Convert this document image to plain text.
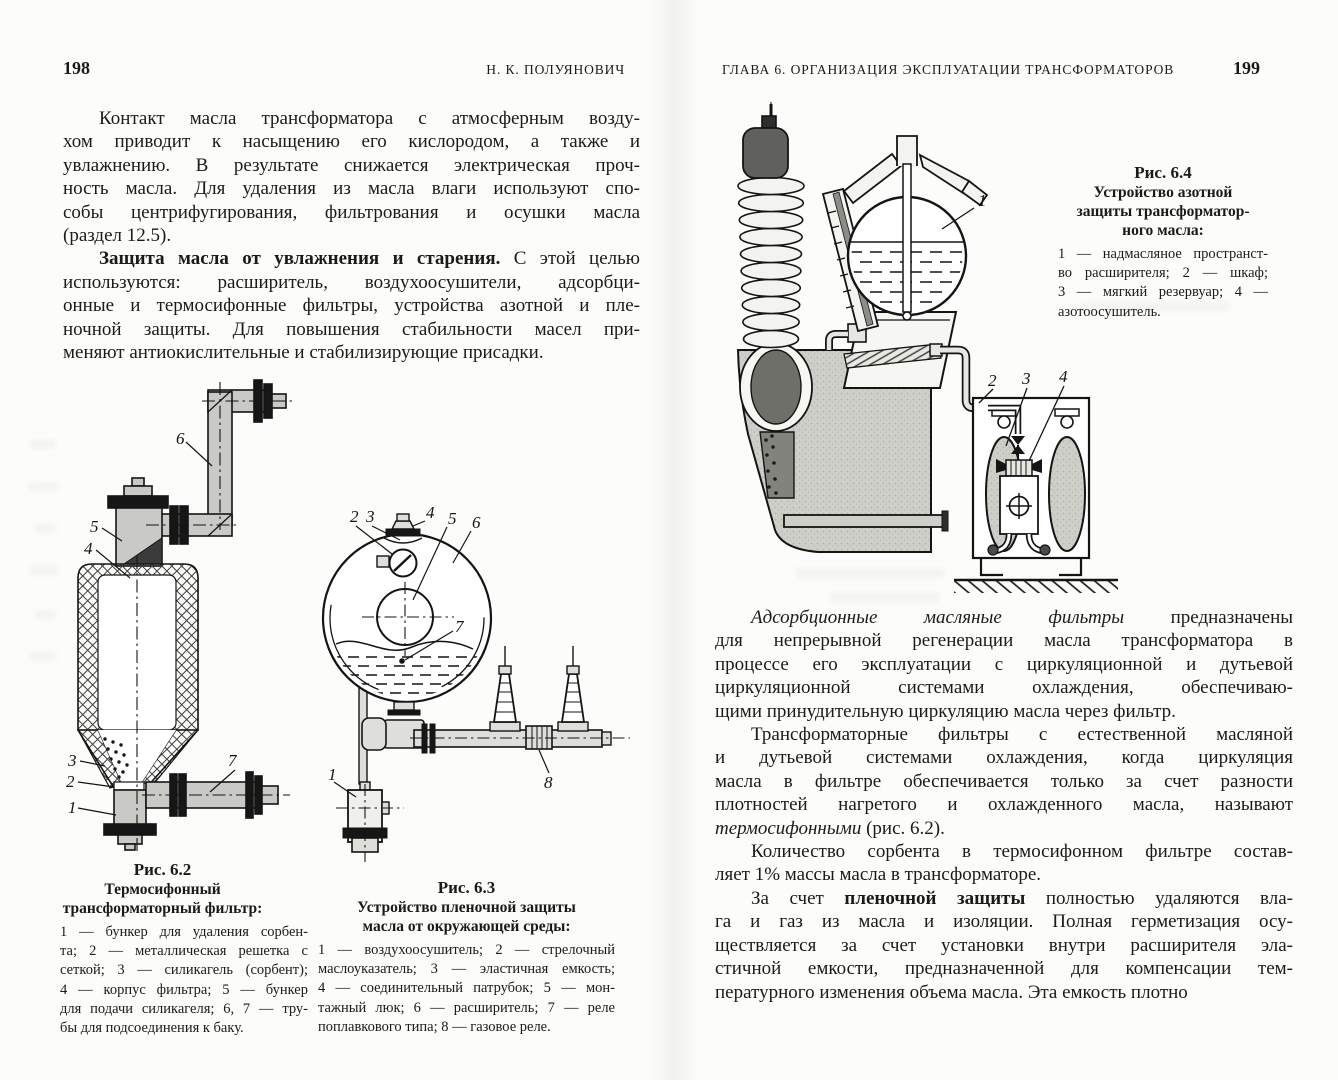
198	Н. К. ПОЛУЯНОВИЧ
Контакт масла трансформатора с атмосферным возду-
хом приводит к насыщению его кислородом, а также и
увлажнению. В результате снижается электрическая проч-
ность масла. Для удаления из масла влаги используют спо-
собы центрифугирования, фильтрования и осушки масла
(раздел 12.5).
Защита масла от увлажнения и старения. С этой целью
используются: расширитель, воздухоосушители, адсорбци-
онные и термосифонные фильтры, устройства азотной и пле-
ночной защиты. Для повышения стабильности масел при-
меняют антиокислительные и стабилизирующие присадки.
6
5
4
3
2
1
7
Рис. 6.2
Термосифонный
трансформаторный фильтр:
1 — бункер для удаления сорбен-
та; 2 — металлическая решетка с
сеткой; 3 — силикагель (сорбент);
4 — корпус фильтра; 5 — бункер
для подачи силикагеля; 6, 7 — тру-
бы для подсоединения к баку.
2 3	4 5 6
7
1	8
Рис. 6.3
Устройство пленочной защиты
масла от окружающей среды:
1 — воздухоосушитель; 2 — стрелочный
маслоуказатель; 3 — эластичная емкость;
4 — соединительный патрубок; 5 — мон-
тажный люк; 6 — расширитель; 7 — реле
поплавкового типа; 8 — газовое реле.
ГЛАВА 6. ОРГАНИЗАЦИЯ ЭКСПЛУАТАЦИИ ТРАНСФОРМАТОРОВ	199
1
2 3 4
Рис. 6.4
Устройство азотной
защиты трансформатор-
ного масла:
1 — надмасляное пространст-
во расширителя; 2 — шкаф;
3 — мягкий резервуар; 4 —
азотоосушитель.
Адсорбционные масляные фильтры предназначены
для непрерывной регенерации масла трансформатора в
процессе его эксплуатации с циркуляционной и дутьевой
циркуляционной системами охлаждения, обеспечиваю-
щими принудительную циркуляцию масла через фильтр.
Трансформаторные фильтры с естественной масляной
и дутьевой системами охлаждения, когда циркуляция
масла в фильтре обеспечивается только за счет разности
плотностей нагретого и охлажденного масла, называют
термосифонными (рис. 6.2).
Количество сорбента в термосифонном фильтре состав-
ляет 1% массы масла в трансформаторе.
За счет пленочной защиты полностью удаляются вла-
га и газ из масла и изоляции. Полная герметизация осу-
ществляется за счет установки внутри расширителя эла-
стичной емкости, предназначенной для компенсации тем-
пературного изменения объема масла. Эта емкость плотно
